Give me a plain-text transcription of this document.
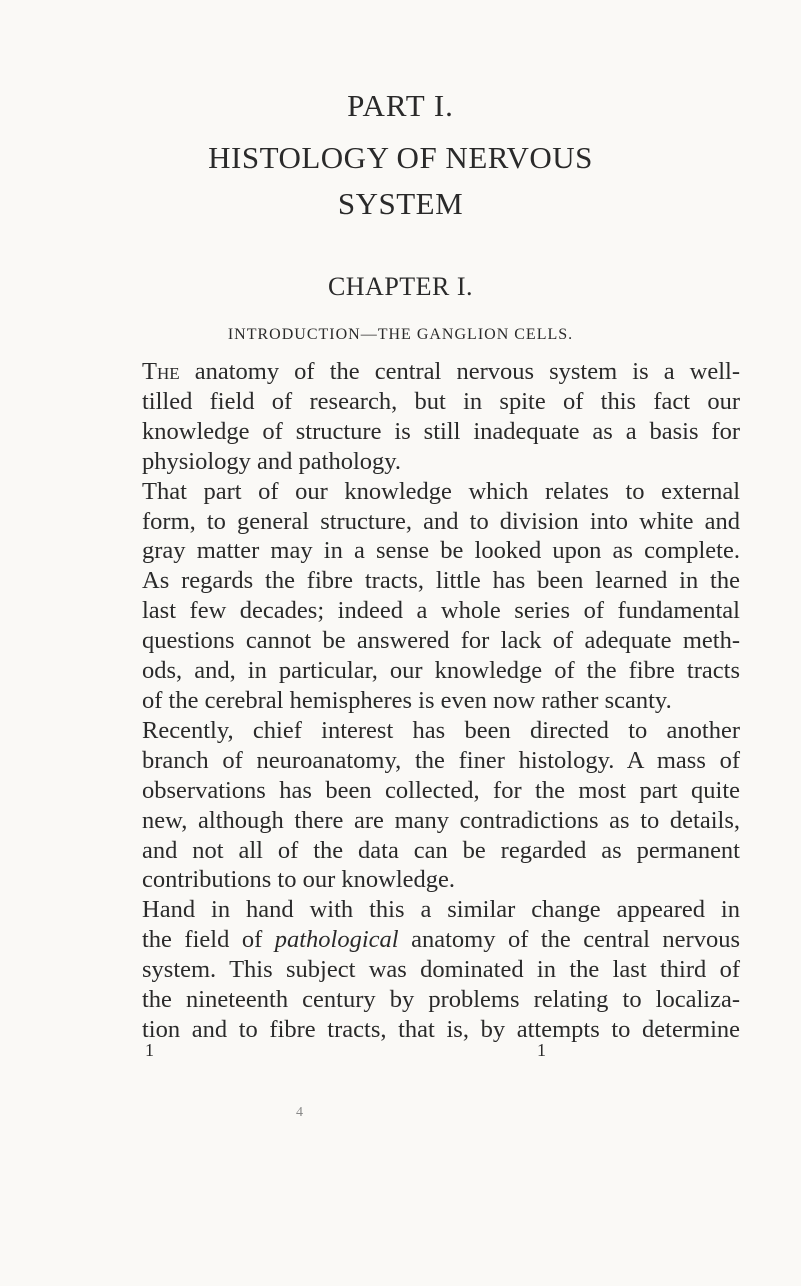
PART I.
HISTOLOGY OF NERVOUS
SYSTEM
CHAPTER I.
INTRODUCTION—THE GANGLION CELLS.
The anatomy of the central nervous system is a well-
tilled field of research, but in spite of this fact our
knowledge of structure is still inadequate as a basis for
physiology and pathology.
That part of our knowledge which relates to external
form, to general structure, and to division into white and
gray matter may in a sense be looked upon as complete.
As regards the fibre tracts, little has been learned in the
last few decades; indeed a whole series of fundamental
questions cannot be answered for lack of adequate meth-
ods, and, in particular, our knowledge of the fibre tracts
of the cerebral hemispheres is even now rather scanty.
Recently, chief interest has been directed to another
branch of neuroanatomy, the finer histology. A mass of
observations has been collected, for the most part quite
new, although there are many contradictions as to details,
and not all of the data can be regarded as permanent
contributions to our knowledge.
Hand in hand with this a similar change appeared in
the field of pathological anatomy of the central nervous
system. This subject was dominated in the last third of
the nineteenth century by problems relating to localiza-
tion and to fibre tracts, that is, by attempts to determine
1	1
4
